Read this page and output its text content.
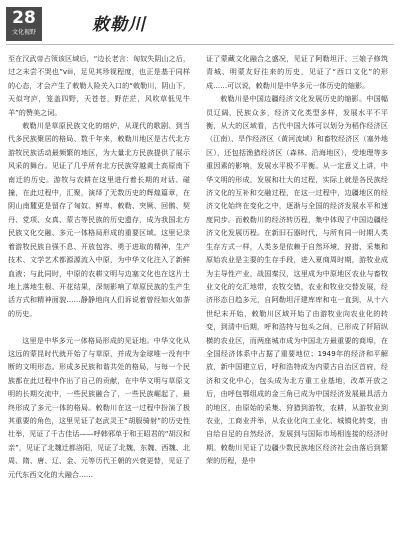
28
文化视野	敕勒川

至在汉武帝占领该区域后，“边长老言：匈奴失阴山之后，过之未尝不哭也”viii，足见其珍视程度，也正是基于同样的心态，才会产生了敕勒人险关入口的“敕勒川，阴山下，天似穹庐，笼盖四野，天苍苍，野茫茫，风吹草低见牛羊”的赞美之词。

敕勒川是草原民族文化的熔炉，从现代的歌剧、到当代多民族聚居的格局、数千年来，敕勒川地区是古代北方游牧民族活动最频繁的地区，为大量北方民族提供了展示风采的舞台。见证了几乎所有北方民族穿越黄土高原南下南迁的历史。游牧与农耕在这里进行着长期的对话、碰撞，在此过程中，汇聚，演绎了无数历史的辉煌篇章，在阴山南麓更是留存了匈奴、鲜卑、敕勒、突厥、回鹘、契丹、党项、女真、蒙古等民族的历史遗存，成为我国北方民族文化交融、多元一体格局形成的重要区域。这里记录着游牧民族自强不息、开放包容、勇于进取的精神，生产技术、文学艺术都源源流入中原，为中华文化注入了新鲜血液；与此同时，中原的农耕文明与边塞文化也在这片土地上落地生根、开花结果，深刻影响了草原民族的生产生活方式和精神面貌……静静地向人们诉说着曾经如火如荼的历史。

这里是中华多元一体格局形成的见证地。中华文化从这远的蒙昆时代就开始了与草原，并成为金球唯一没有中断的文明形态。形成多民族和谐共处的格局，与每一个民族都在此过程中作出了自己的贡献，在中华文明与草原文明的长期交流中，一些民族融合了，一些民族崛起了，最终形成了多元一体的格局。敕勒川在这一过程中扮演了极其重要的角色，这里见证了赵武灵王“胡服骑射”的历史性壮举，见证了千古佳话——呼韩邪单于和王昭君的“胡汉和亲”，见证了北魏迁都洛阳，见证了北魏、东魏、西魏、北周、隋、唐、辽、金、元等历代王朝的兴衰更替，见证了元代东西文化的大融合……

证了蒙藏文化融合之盛况，见证了阿勒坦汗、三娘子修筑青城、明蒙友好往来的历史，见证了“西口文化”的形成……可以说，敕勒川是中华多元一体历史的缩影。

敕勒川是中国边疆经济文化发展历史的缩影。中国幅员辽阔，民族众多，经济文化类型多样，发展水平不平衡，从大的区域看，古代中国大体可以划分为稻作经济区（江南）、旱作经济区（黄河流域）和畜牧经济区（塞外地区），还包括渔猎经济区（森林、沿海地区），受地理等多重因素的影响，发展水平极不平衡。从一定意义上讲，中华文明的形成，发展和壮大的过程，实际上就是各民族经济文化的互补和交融过程，在这一过程中，边疆地区的经济文化始终在变化之中，逐渐与全国的经济发展水平和速度同步。而敕勒川的经济转历程，集中体现了中国边疆经济文化发展历程。在新旧石器时代，与所有同一时期人类生存方式一样，人类多是依赖于自然环境，狩猎、采集和原始农业是主要的生存手段，进入夏商周时期，游牧业成为主导性产业，战国秦汉，这里成为中原地区农业与畜牧业文化的交汇地带，农牧交错，农业和牧业交替发展，经济形态日趋多元，自阿勒坦汗建库库和屯一直到，从十六世纪末开始，敕勒川区域开始了由游牧业向农业化的转变，到清中后期，呼和浩特与包头之间，已形成了阡陌纵横的农业区，而两座城市成为中国北方最重要的商埠，在全国经济体系中占据了重要地位；1949年的经济和平解放，新中国建立后，呼和浩特成为内蒙古自治区首府，经济和文化中心，包头成为北方重工业基地，改革开放之后，由呼包鄂组成的金三角已成为中国经济发展最具活力的地区，由原始的采集、狩猎到游牧，农耕，从游牧业到农业，工商业并举，从农业化向工业化、城镇化转变，由自给自足的自然经济，发展到与国际市场相连接的经济时期。敕勒川见证了边疆少数民族地区经济社会由落后到繁荣的历程，是中
